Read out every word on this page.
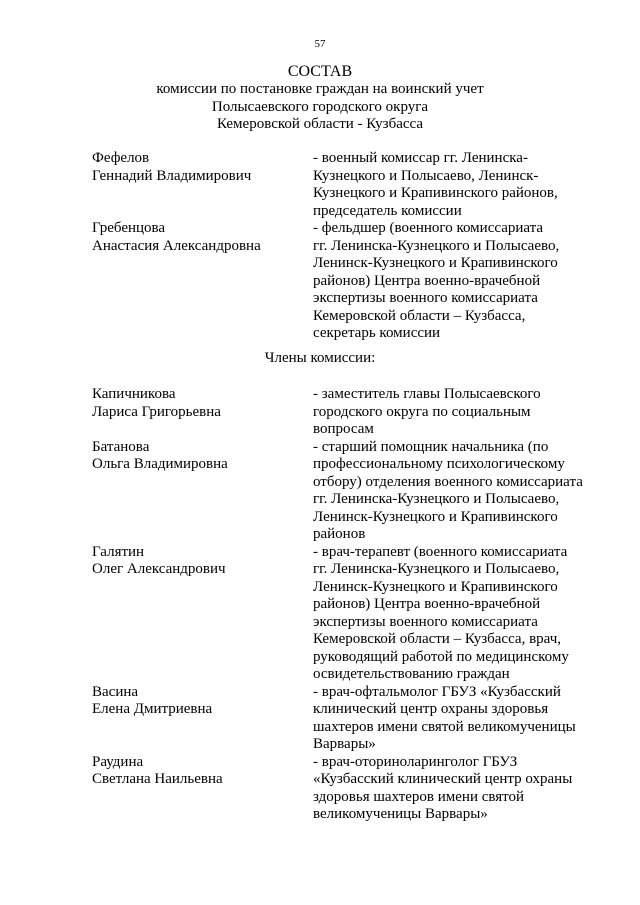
57
СОСТАВ
комиссии по постановке граждан на воинский учет
Полысаевского городского округа
Кемеровской области - Кузбасса
Фефелов
Геннадий Владимирович
- военный комиссар гг. Ленинска-
Кузнецкого и Полысаево, Ленинск-
Кузнецкого и Крапивинского районов,
председатель комиссии
Гребенцова
Анастасия Александровна
- фельдшер (военного комиссариата
гг. Ленинска-Кузнецкого и Полысаево,
Ленинск-Кузнецкого и Крапивинского
районов) Центра военно-врачебной
экспертизы военного комиссариата
Кемеровской области – Кузбасса,
секретарь комиссии
Члены комиссии:
Капичникова
Лариса Григорьевна
- заместитель главы Полысаевского
городского округа по социальным
вопросам
Батанова
Ольга Владимировна
- старший помощник начальника (по
профессиональному психологическому
отбору) отделения военного комиссариата
гг. Ленинска-Кузнецкого и Полысаево,
Ленинск-Кузнецкого и Крапивинского
районов
Галятин
Олег Александрович
- врач-терапевт (военного комиссариата
гг. Ленинска-Кузнецкого и Полысаево,
Ленинск-Кузнецкого и Крапивинского
районов) Центра военно-врачебной
экспертизы военного комиссариата
Кемеровской области – Кузбасса, врач,
руководящий работой по медицинскому
освидетельствованию граждан
Васина
Елена Дмитриевна
- врач-офтальмолог ГБУЗ «Кузбасский
клинический центр охраны здоровья
шахтеров имени святой великомученицы
Варвары»
Раудина
Светлана Наильевна
- врач-оториноларинголог ГБУЗ
«Кузбасский клинический центр охраны
здоровья шахтеров имени святой
великомученицы Варвары»
